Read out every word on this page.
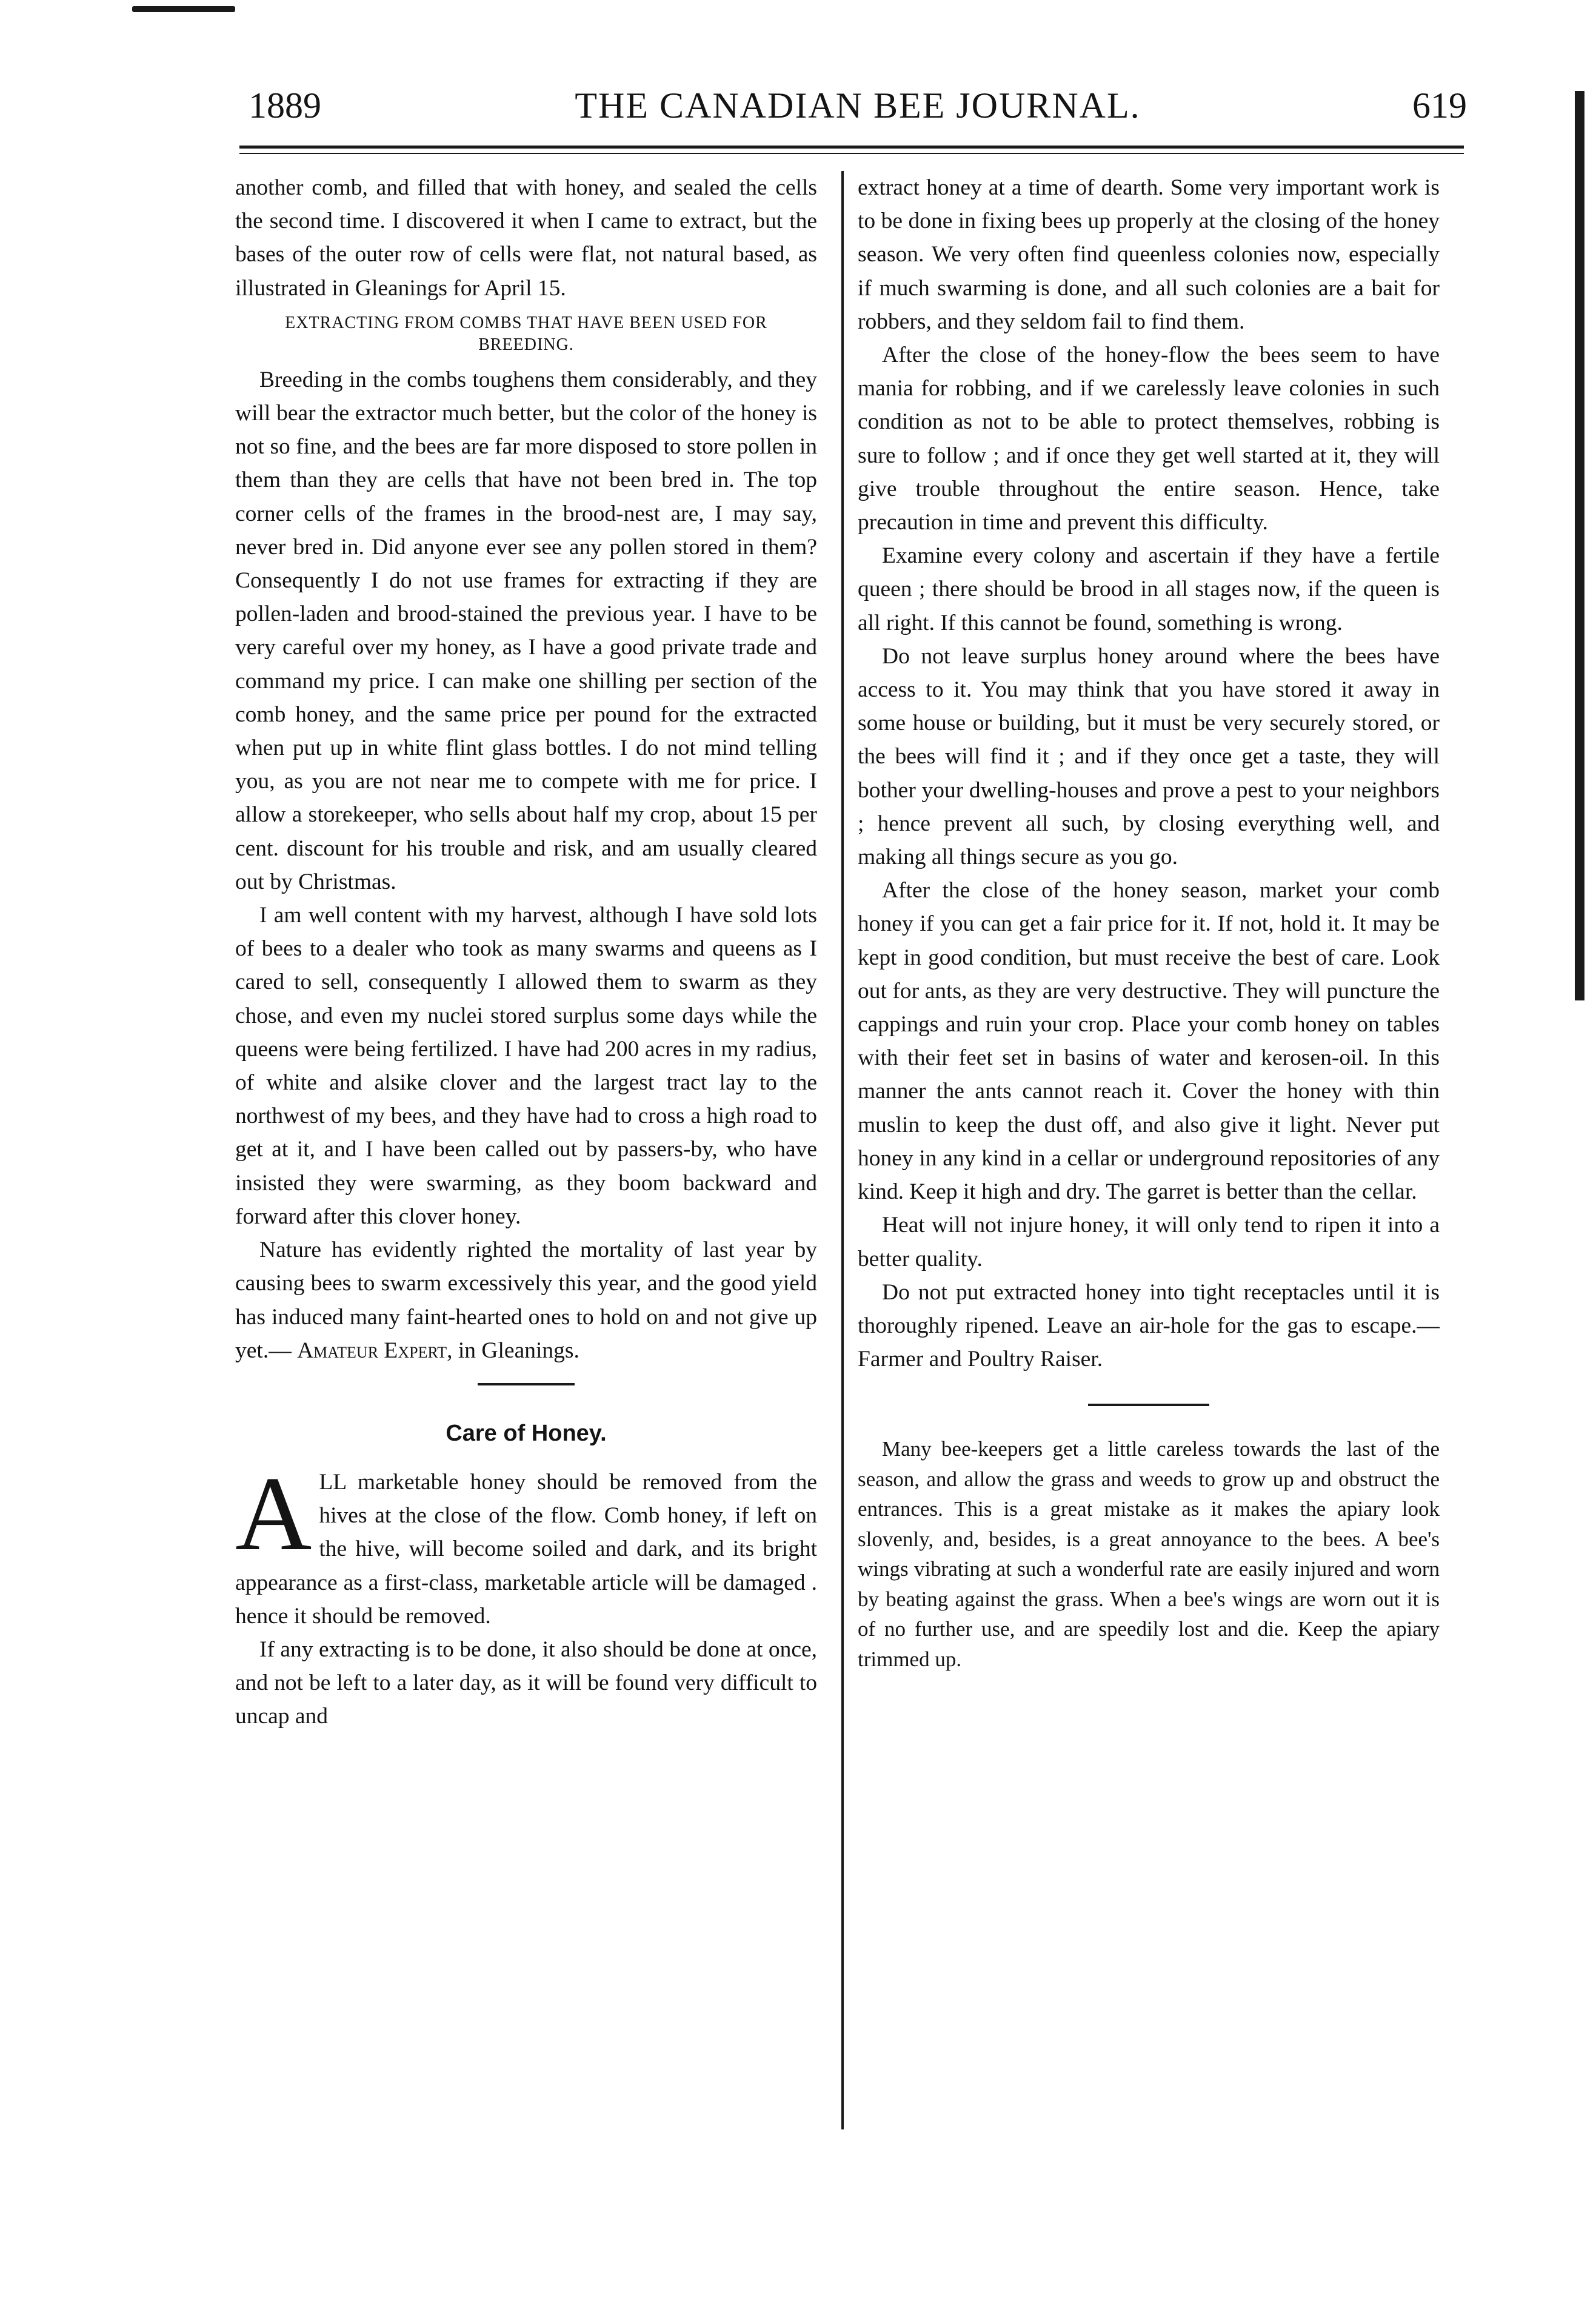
1889	THE CANADIAN BEE JOURNAL.	619

another comb, and filled that with honey, and sealed the cells the second time. I discovered it when I came to extract, but the bases of the outer row of cells were flat, not natural based, as illustrated in Gleanings for April 15.

EXTRACTING FROM COMBS THAT HAVE BEEN USED FOR BREEDING.

Breeding in the combs toughens them considerably, and they will bear the extractor much better, but the color of the honey is not so fine, and the bees are far more disposed to store pollen in them than they are cells that have not been bred in. The top corner cells of the frames in the brood-nest are, I may say, never bred in. Did anyone ever see any pollen stored in them? Consequently I do not use frames for extracting if they are pollen-laden and brood-stained the previous year. I have to be very careful over my honey, as I have a good private trade and command my price. I can make one shilling per section of the comb honey, and the same price per pound for the extracted when put up in white flint glass bottles. I do not mind telling you, as you are not near me to compete with me for price. I allow a storekeeper, who sells about half my crop, about 15 per cent. discount for his trouble and risk, and am usually cleared out by Christmas.

I am well content with my harvest, although I have sold lots of bees to a dealer who took as many swarms and queens as I cared to sell, consequently I allowed them to swarm as they chose, and even my nuclei stored surplus some days while the queens were being fertilized. I have had 200 acres in my radius, of white and alsike clover and the largest tract lay to the northwest of my bees, and they have had to cross a high road to get at it, and I have been called out by passers-by, who have insisted they were swarming, as they boom backward and forward after this clover honey.

Nature has evidently righted the mortality of last year by causing bees to swarm excessively this year, and the good yield has induced many faint-hearted ones to hold on and not give up yet.— Amateur Expert, in Gleanings.

Care of Honey.

ALL marketable honey should be removed from the hives at the close of the flow. Comb honey, if left on the hive, will become soiled and dark, and its bright appearance as a first-class, marketable article will be damaged . hence it should be removed.

If any extracting is to be done, it also should be done at once, and not be left to a later day, as it will be found very difficult to uncap and

extract honey at a time of dearth. Some very important work is to be done in fixing bees up properly at the closing of the honey season. We very often find queenless colonies now, especially if much swarming is done, and all such colonies are a bait for robbers, and they seldom fail to find them.

After the close of the honey-flow the bees seem to have mania for robbing, and if we carelessly leave colonies in such condition as not to be able to protect themselves, robbing is sure to follow ; and if once they get well started at it, they will give trouble throughout the entire season. Hence, take precaution in time and prevent this difficulty.

Examine every colony and ascertain if they have a fertile queen ; there should be brood in all stages now, if the queen is all right. If this cannot be found, something is wrong.

Do not leave surplus honey around where the bees have access to it. You may think that you have stored it away in some house or building, but it must be very securely stored, or the bees will find it ; and if they once get a taste, they will bother your dwelling-houses and prove a pest to your neighbors ; hence prevent all such, by closing everything well, and making all things secure as you go.

After the close of the honey season, market your comb honey if you can get a fair price for it. If not, hold it. It may be kept in good condition, but must receive the best of care. Look out for ants, as they are very destructive. They will puncture the cappings and ruin your crop. Place your comb honey on tables with their feet set in basins of water and kerosen-oil. In this manner the ants cannot reach it. Cover the honey with thin muslin to keep the dust off, and also give it light. Never put honey in any kind in a cellar or underground repositories of any kind. Keep it high and dry. The garret is better than the cellar.

Heat will not injure honey, it will only tend to ripen it into a better quality.

Do not put extracted honey into tight receptacles until it is thoroughly ripened. Leave an air-hole for the gas to escape.—Farmer and Poultry Raiser.

Many bee-keepers get a little careless towards the last of the season, and allow the grass and weeds to grow up and obstruct the entrances. This is a great mistake as it makes the apiary look slovenly, and, besides, is a great annoyance to the bees. A bee's wings vibrating at such a wonderful rate are easily injured and worn by beating against the grass. When a bee's wings are worn out it is of no further use, and are speedily lost and die. Keep the apiary trimmed up.
